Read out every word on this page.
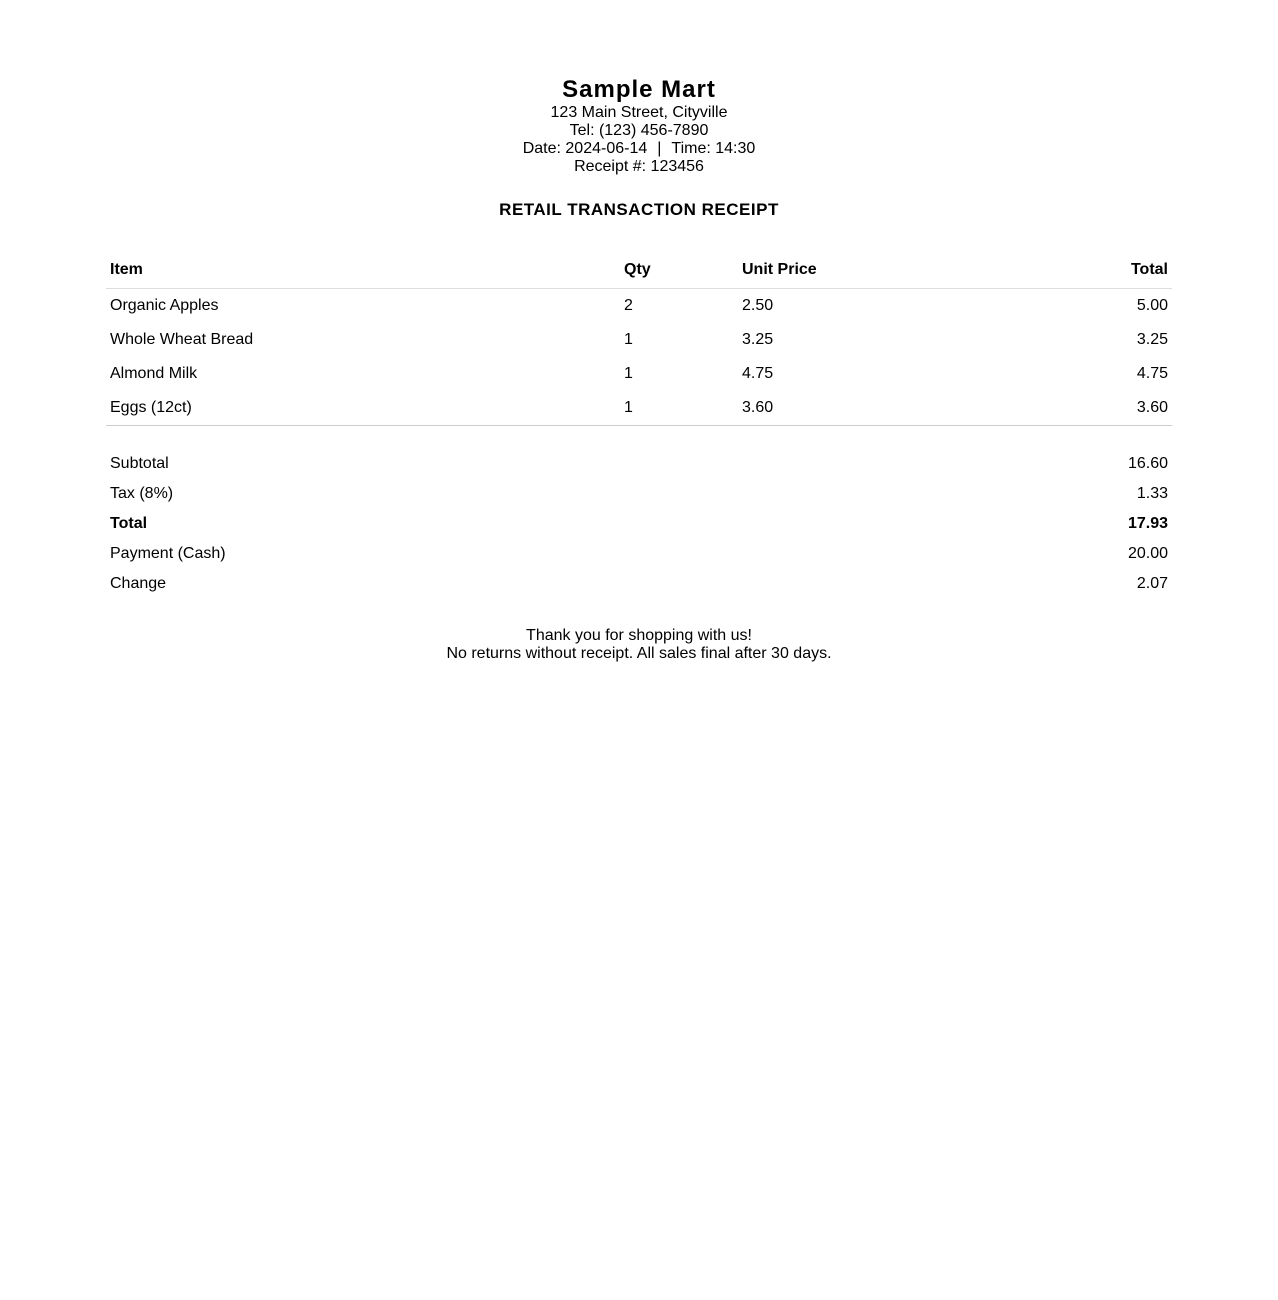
Sample Mart
123 Main Street, Cityville
Tel: (123) 456-7890
Date: 2024-06-14 | Time: 14:30
Receipt #: 123456
RETAIL TRANSACTION RECEIPT
Item	Qty	Unit Price	Total
Organic Apples	2	2.50	5.00
Whole Wheat Bread	1	3.25	3.25
Almond Milk	1	4.75	4.75
Eggs (12ct)	1	3.60	3.60
Subtotal	16.60
Tax (8%)	1.33
Total	17.93
Payment (Cash)	20.00
Change	2.07
Thank you for shopping with us!
No returns without receipt. All sales final after 30 days.
